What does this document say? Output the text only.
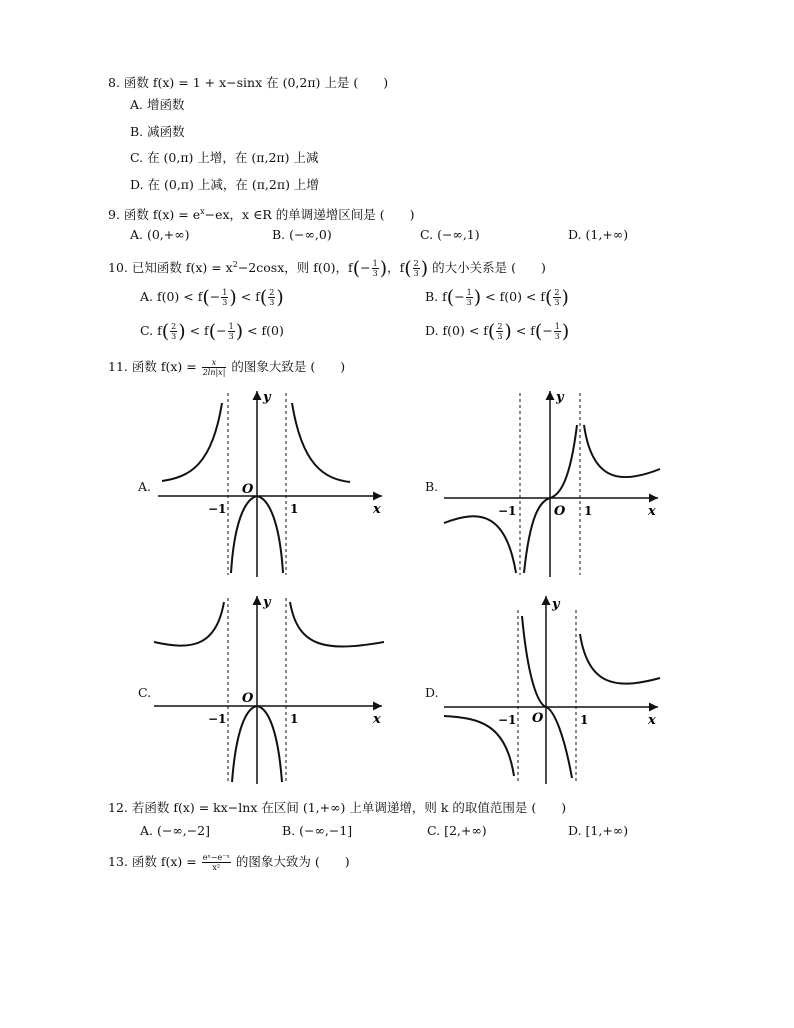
8. 函数 f(x) = 1 + x−sinx 在 (0,2π) 上是 (　　)
A. 增函数
B. 减函数
C. 在 (0,π) 上增，在 (π,2π) 上减
D. 在 (0,π) 上减，在 (π,2π) 上增
9. 函数 $f(x) = e^x-ex$，x ∈R 的单调递增区间是 (　　)
A. (0,+∞)	B. (−∞,0)	C. (−∞,1)	D. (1,+∞)
10. 已知函数 $f(x) = x^2-2\cos x$，则 f(0)，$f(- \frac{1}{3}$ )，$f( \frac{2}{3}$ ) 的大小关系是 (　　)
A. $f(0) < f(- \frac{1}{3}$ ) < $f( \frac{2}{3}$ )	B. $f(- \frac{1}{3}$ ) < $f(0) < f( \frac{2}{3}$ )
C. $f( \frac{2}{3}$ ) < $f(- \frac{1}{3}$ ) < f(0)	D. $f(0) < f( \frac{2}{3}$ ) < $f(- \frac{1}{3}$ )
11. 函数 $f(x) = \frac{x}{2\ln|x|}$ 的图象大致是 (　　)
A.	B.
C.	D.
y
x
O
−1	1
y
x
O
−1	1
y
x
O
−1	1
y
x
O
−1	1
12. 若函数 f(x) = kx−lnx 在区间 (1,+∞) 上单调递增，则 k 的取值范围是 (　　)
A. (−∞,−2]	B. (−∞,−1]	C. [2,+∞)	D. [1,+∞)
13. 函数 $f(x) = \frac{\text{eˣ−e⁻ˣ}}{\text{x²}}$ 的图象大致为 (　　)
